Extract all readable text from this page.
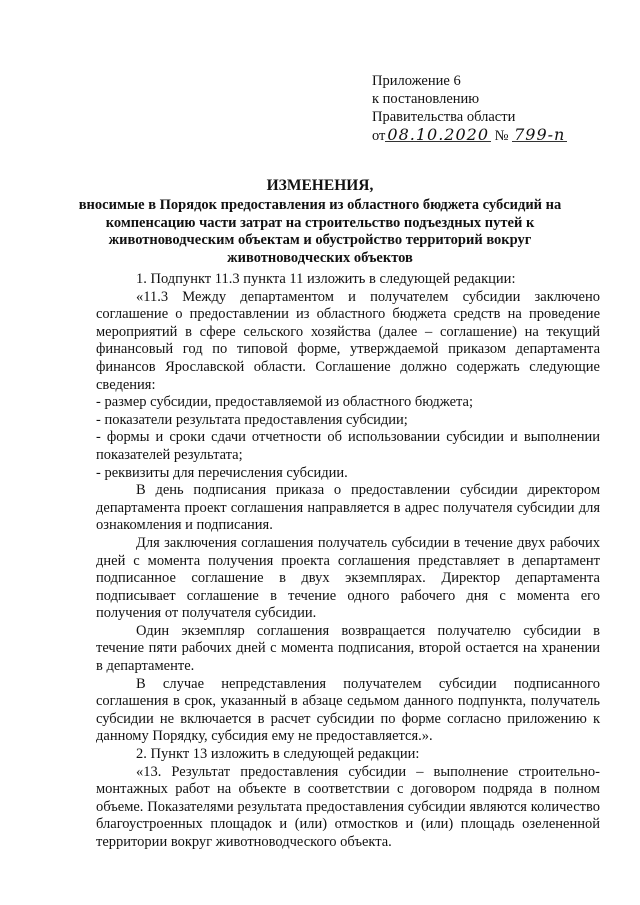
Приложение 6
к постановлению
Правительства области
от 08.10.2020 № 799-п
ИЗМЕНЕНИЯ,
вносимые в Порядок предоставления из областного бюджета субсидий на компенсацию части затрат на строительство подъездных путей к животноводческим объектам и обустройство территорий вокруг животноводческих объектов

1. Подпункт 11.3 пункта 11 изложить в следующей редакции:

«11.3 Между департаментом и получателем субсидии заключено соглашение о предоставлении из областного бюджета средств на проведение мероприятий в сфере сельского хозяйства (далее – соглашение) на текущий финансовый год по типовой форме, утверждаемой приказом департамента финансов Ярославской области. Соглашение должно содержать следующие сведения:

- размер субсидии, предоставляемой из областного бюджета;

- показатели результата предоставления субсидии;

- формы и сроки сдачи отчетности об использовании субсидии и выполнении показателей результата;

- реквизиты для перечисления субсидии.

В день подписания приказа о предоставлении субсидии директором департамента проект соглашения направляется в адрес получателя субсидии для ознакомления и подписания.

Для заключения соглашения получатель субсидии в течение двух рабочих дней с момента получения проекта соглашения представляет в департамент подписанное соглашение в двух экземплярах. Директор департамента подписывает соглашение в течение одного рабочего дня с момента его получения от получателя субсидии.

Один экземпляр соглашения возвращается получателю субсидии в течение пяти рабочих дней с момента подписания, второй остается на хранении в департаменте.

В случае непредставления получателем субсидии подписанного соглашения в срок, указанный в абзаце седьмом данного подпункта, получатель субсидии не включается в расчет субсидии по форме согласно приложению к данному Порядку, субсидия ему не предоставляется.».

2. Пункт 13 изложить в следующей редакции:

«13. Результат предоставления субсидии – выполнение строительно-монтажных работ на объекте в соответствии с договором подряда в полном объеме. Показателями результата предоставления субсидии являются количество благоустроенных площадок и (или) отмостков и (или) площадь озелененной территории вокруг животноводческого объекта.
